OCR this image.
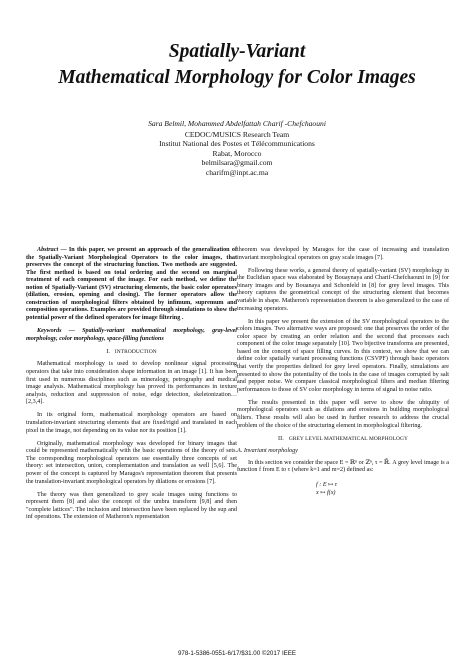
Spatially-Variant
Mathematical Morphology for Color Images
Sara Belmil, Mohammed Abdelfattah Charif -Chefchaouni
CEDOC/MUSICS Research Team
Institut National des Postes et Télécommunications
Rabat, Morocco
belmilsara@gmail.com
charifm@inpt.ac.ma

Abstract — In this paper, we present an approach of the generalization of the Spatially-Variant Morphological Operators to the color images, that preserves the concept of the structuring function. Two methods are suggested. The first method is based on total ordering and the second on marginal treatment of each component of the image. For each method, we define the notion of Spatially-Variant (SV) structuring elements, the basic color operators (dilation, erosion, opening and closing). The former operators allow the construction of morphological filters obtained by infimum, supremum and composition operations. Examples are provided through simulations to show the potential power of the defined operators for image filtering .

Keywords — Spatially-variant mathematical morphology, gray-level morphology, color morphology, space-filling functions

I. INTRODUCTION

Mathematical morphology is used to develop nonlinear signal processing operators that take into consideration shape information in an image [1]. It has been first used in numerous disciplines such as mineralogy, petrography and medical image analysis. Mathematical morphology has proved its performances in texture analysis, reduction and suppression of noise, edge detection, skeletonization… [2,3,4].

In its original form, mathematical morphology operators are based on translation-invariant structuring elements that are fixed/rigid and translated in each pixel in the image, not depending on its value nor its position [1].

Originally, mathematical morphology was developed for binary images that could be represented mathematically with the basic operations of the theory of sets. The corresponding morphological operators use essentially three concepts of set theory: set intersection, union, complementation and translation as well [5,6]. The power of the concept is captured by Maragos's representation theorem that presents the translation-invariant morphological operators by dilations or erosions [7].

The theory was then generalized to grey scale images using functions to represent them [8] and also the concept of the umbra transform [9,8] and then "complete lattices". The inclusion and intersection have been replaced by the sup and inf operations. The extension of Matheron's representation

theorem was developed by Maragos for the case of increasing and translation invariant morphological operators on gray scale images [7].

Following these works, a general theory of spatially-variant (SV) morphology in the Euclidian space was elaborated by Bouaynaya and Charif-Chefchaouni in [9] for binary images and by Bouanaya and Schonfeld in [8] for grey level images. This theory captures the geometrical concept of the structuring element that becomes variable in shape. Matheron's representation theorem is also generalized to the case of increasing operators.

In this paper we present the extension of the SV morphological operators to the colors images. Two alternative ways are proposed: one that preserves the order of the color space by creating an order relation and the second that processes each component of the color image separately [10]. Two bijective transforms are presented, based on the concept of space filling curves. In this context, we show that we can define color spatially variant processing functions (CSVPF) through basic operators that verify the properties defined for grey level operators. Finally, simulations are presented to show the potentiality of the tools in the case of images corrupted by salt and pepper noise. We compare classical morphological filters and median filtering performances to those of SV color morphology in terms of signal to noise ratio.

The results presented in this paper will serve to show the ubiquity of morphological operators such as dilations and erosions in building morphological filters. These results will also be used in further research to address the crucial problem of the choice of the structuring element in morphological filtering.

II. GREY LEVEL MATHEMATICAL MORPHOLOGY
A. Invariant morphology

In this section we consider the space E = ℝⁿ or ℤⁿ, τ = ℝ̄. A grey level image is a function f from E to τ (where k=1 and m=2) defined as:

f : E ↦ τ
x ↦ f(x)
978-1-5386-0551-6/17/$31.00 ©2017 IEEE
